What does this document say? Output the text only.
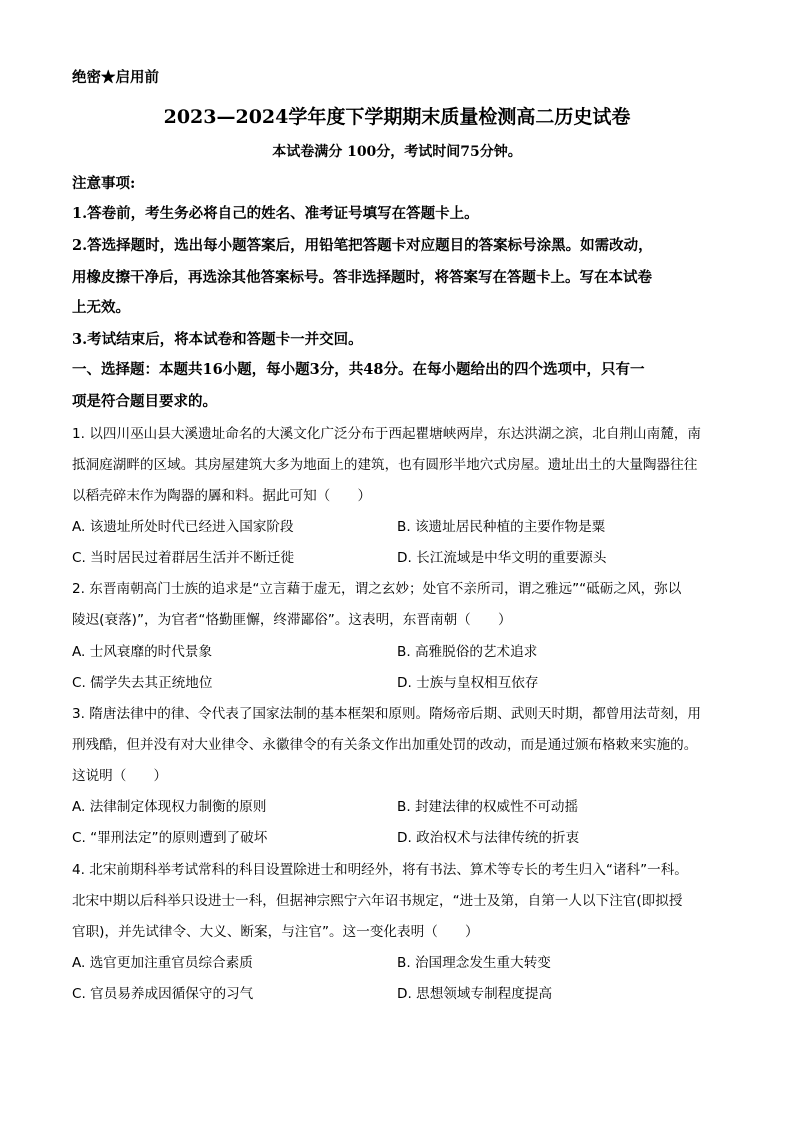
绝密★启用前
2023—2024学年度下学期期末质量检测高二历史试卷
本试卷满分 100分，考试时间75分钟。
注意事项:
1.答卷前，考生务必将自己的姓名、准考证号填写在答题卡上。
2.答选择题时，选出每小题答案后，用铅笔把答题卡对应题目的答案标号涂黑。如需改动，
用橡皮擦干净后，再选涂其他答案标号。答非选择题时，将答案写在答题卡上。写在本试卷
上无效。
3.考试结束后，将本试卷和答题卡一并交回。
一、选择题：本题共16小题，每小题3分，共48分。在每小题给出的四个选项中，只有一
项是符合题目要求的。
1. 以四川巫山县大溪遗址命名的大溪文化广泛分布于西起瞿塘峡两岸，东达洪湖之滨，北自荆山南麓，南
抵洞庭湖畔的区域。其房屋建筑大多为地面上的建筑，也有圆形半地穴式房屋。遗址出土的大量陶器往往
以稻壳碎末作为陶器的羼和料。据此可知（　　）
A. 该遗址所处时代已经进入国家阶段	B. 该遗址居民种植的主要作物是粟
C. 当时居民过着群居生活并不断迁徙	D. 长江流域是中华文明的重要源头
2. 东晋南朝高门士族的追求是“立言藉于虚无，谓之玄妙；处官不亲所司，谓之雅远”“砥砺之风，弥以
陵迟(衰落)”，为官者“恪勤匪懈，终滞鄙俗”。这表明，东晋南朝（　　）
A. 士风衰靡的时代景象	B. 高雅脱俗的艺术追求
C. 儒学失去其正统地位	D. 士族与皇权相互依存
3. 隋唐法律中的律、令代表了国家法制的基本框架和原则。隋炀帝后期、武则天时期，都曾用法苛刻，用
刑残酷，但并没有对大业律令、永徽律令的有关条文作出加重处罚的改动，而是通过颁布格敕来实施的。
这说明（　　）
A. 法律制定体现权力制衡的原则	B. 封建法律的权威性不可动摇
C. “罪刑法定”的原则遭到了破坏	D. 政治权术与法律传统的折衷
4. 北宋前期科举考试常科的科目设置除进士和明经外，将有书法、算术等专长的考生归入“诸科”一科。
北宋中期以后科举只设进士一科，但据神宗熙宁六年诏书规定，“进士及第，自第一人以下注官(即拟授
官职)，并先试律令、大义、断案，与注官”。这一变化表明（　　）
A. 选官更加注重官员综合素质	B. 治国理念发生重大转变
C. 官员易养成因循保守的习气	D. 思想领域专制程度提高
